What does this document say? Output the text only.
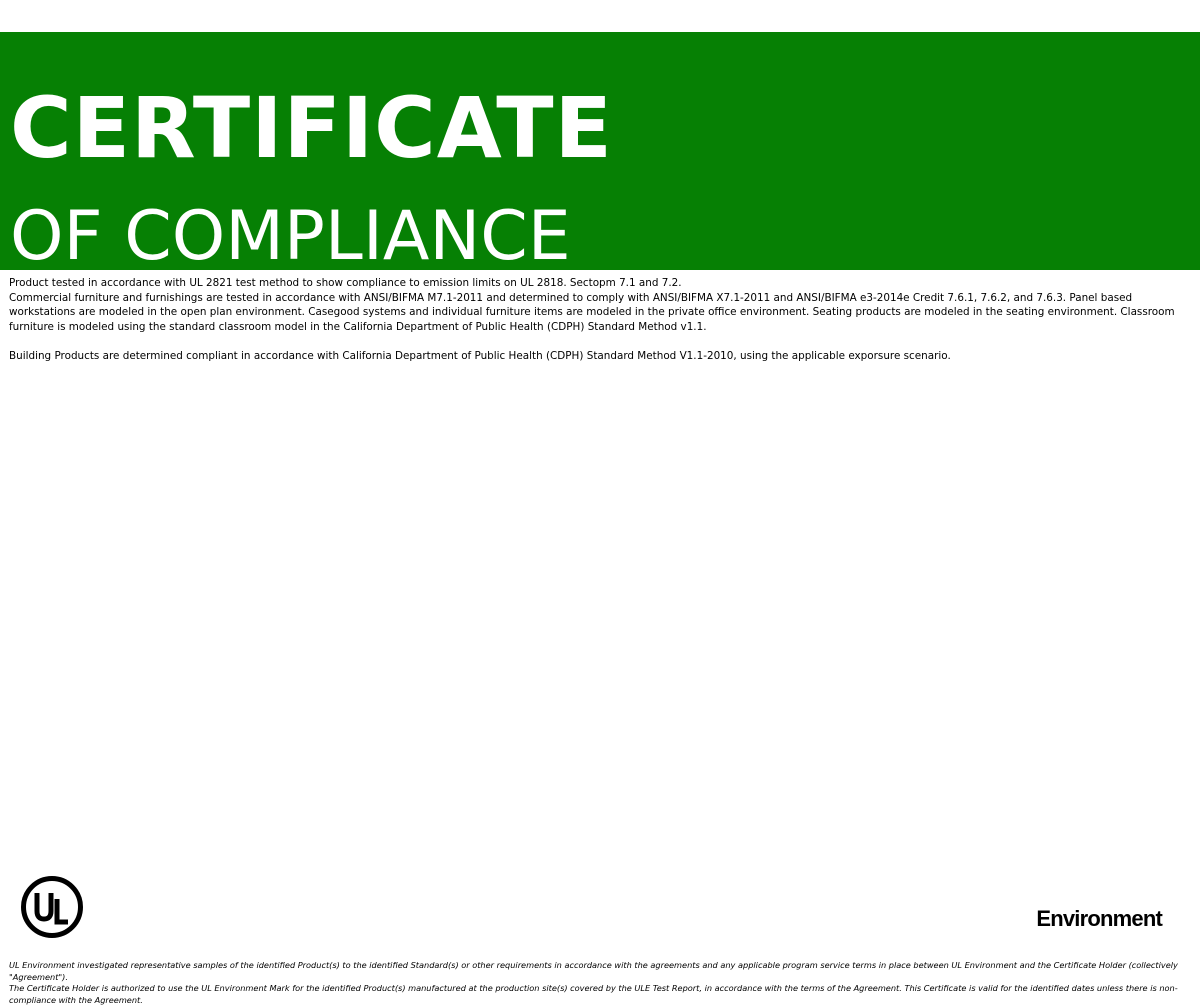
CERTIFICATE
OF COMPLIANCE

Product tested in accordance with UL 2821 test method to show compliance to emission limits on UL 2818. Sectopm 7.1 and 7.2.

Commercial furniture and furnishings are tested in accordance with ANSI/BIFMA M7.1-2011 and determined to comply with ANSI/BIFMA X7.1-2011 and ANSI/BIFMA e3-2014e Credit 7.6.1, 7.6.2, and 7.6.3. Panel based workstations are modeled in the open plan environment. Casegood systems and individual furniture items are modeled in the private office environment. Seating products are modeled in the seating environment. Classroom furniture is modeled using the standard classroom model in the California Department of Public Health (CDPH) Standard Method v1.1.

Building Products are determined compliant in accordance with California Department of Public Health (CDPH) Standard Method V1.1-2010, using the applicable exporsure scenario.

Environment

UL Environment investigated representative samples of the identified Product(s) to the identified Standard(s) or other requirements in accordance with the agreements and any applicable program service terms in place between UL Environment and the Certificate Holder (collectively "Agreement").

The Certificate Holder is authorized to use the UL Environment Mark for the identified Product(s) manufactured at the production site(s) covered by the ULE Test Report, in accordance with the terms of the Agreement. This Certificate is valid for the identified dates unless there is non-compliance with the Agreement.
